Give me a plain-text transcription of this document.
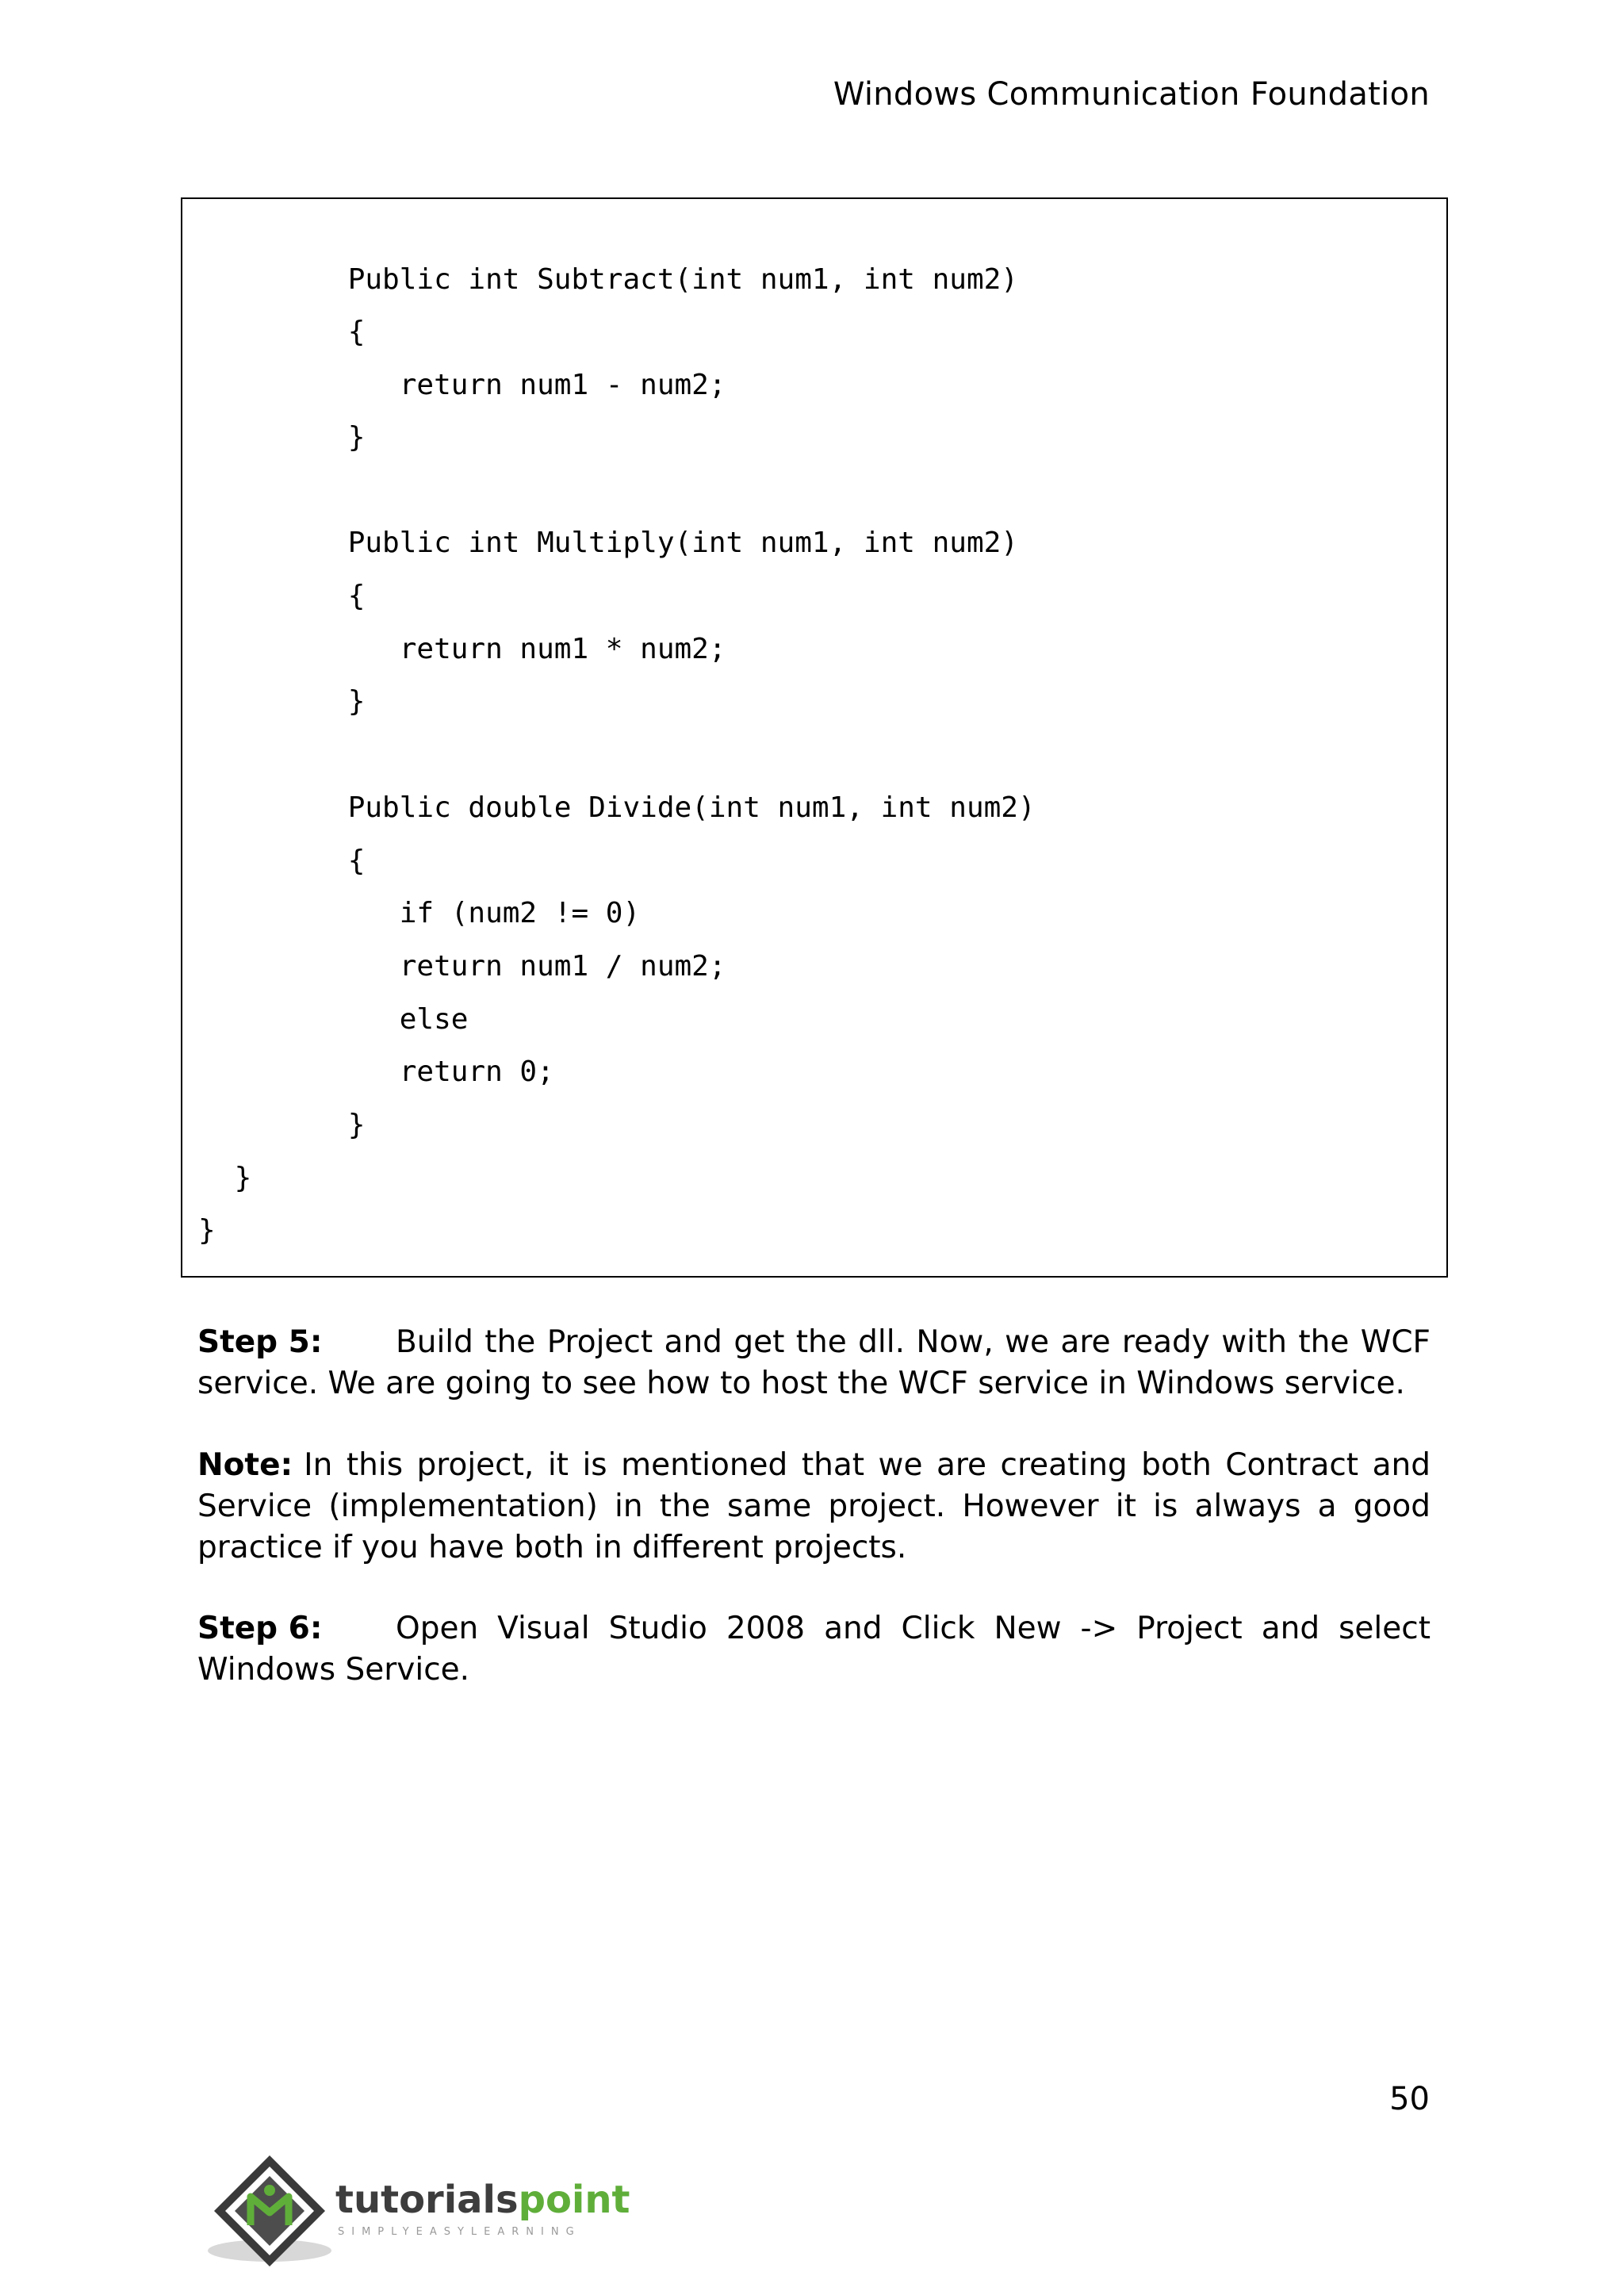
Windows Communication Foundation
Public int Subtract(int num1, int num2)
{
return num1 - num2;
}
Public int Multiply(int num1, int num2)
{
return num1 * num2;
}
Public double Divide(int num1, int num2)
{
if (num2 != 0)
return num1 / num2;
else
return 0;
}
}
}
Step 5: Build the Project and get the dll. Now, we are ready with the WCF service. We are going to see how to host the WCF service in Windows service.
Note: In this project, it is mentioned that we are creating both Contract and Service (implementation) in the same project. However it is always a good practice if you have both in different projects.
Step 6: Open Visual Studio 2008 and Click New -> Project and select Windows Service.
50
tutorialspoint
SIMPLYEASYLEARNING
